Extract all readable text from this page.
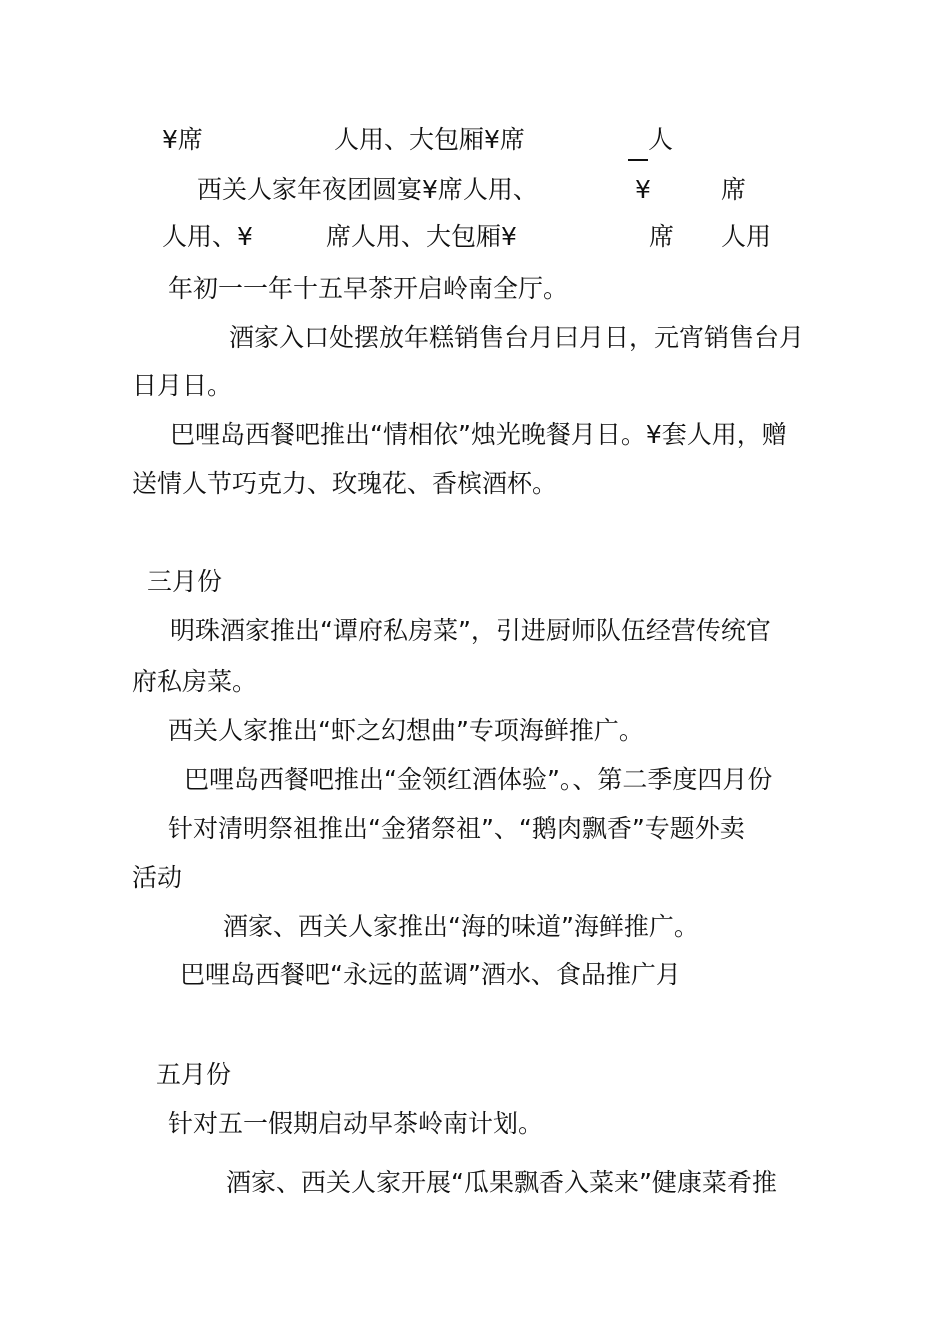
¥席	人用、大包厢¥席	人
西关人家年夜团圆宴¥席人用、	¥	席
人用、¥	席人用、大包厢¥	席 人用
年初一一年十五早茶开启岭南全厅。
酒家入口处摆放年糕销售台月曰月日，元宵销售台月
日月日。
巴哩岛西餐吧推出“情相依”烛光晚餐月日。¥套人用，赠
送情人节巧克力、玫瑰花、香槟酒杯。
三月份
明珠酒家推出“谭府私房菜”，引进厨师队伍经营传统官
府私房菜。
西关人家推出“虾之幻想曲”专项海鲜推广。
巴哩岛西餐吧推出“金领红酒体验”。、第二季度四月份
针对清明祭祖推出“金猪祭祖”、“鹅肉飘香”专题外卖
活动
酒家、西关人家推出“海的味道”海鲜推广。
巴哩岛西餐吧“永远的蓝调”酒水、食品推广月
五月份
针对五一假期启动早茶岭南计划。
酒家、西关人家开展“瓜果飘香入菜来”健康菜肴推
